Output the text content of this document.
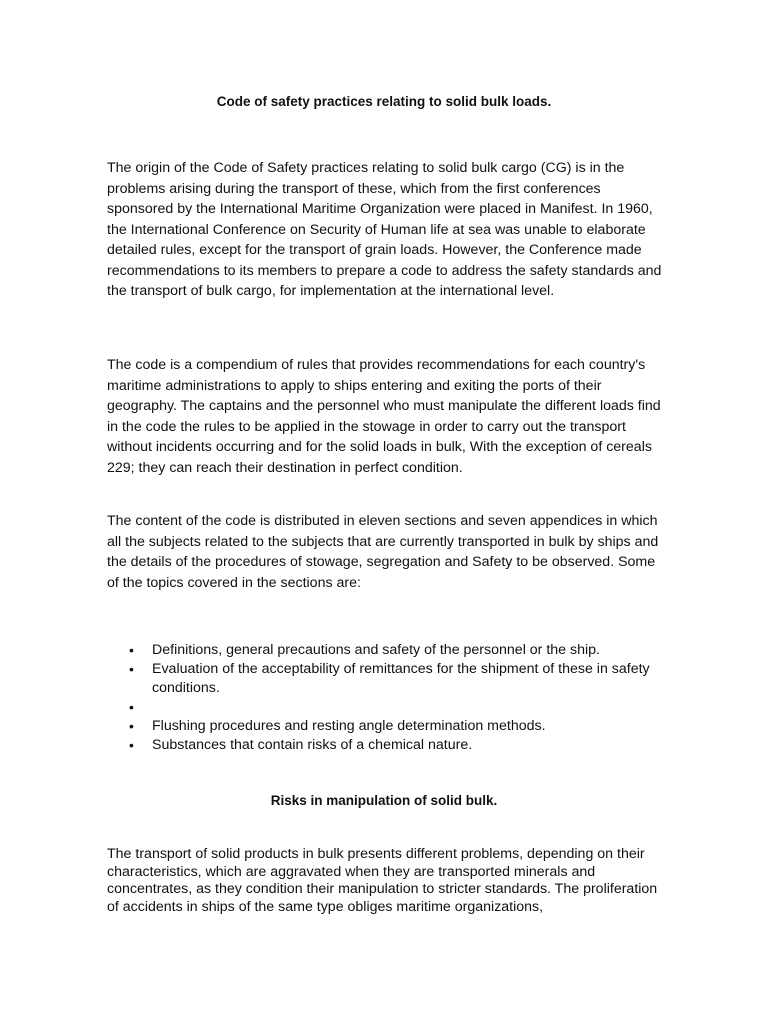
Code of safety practices relating to solid bulk loads.

The origin of the Code of Safety practices relating to solid bulk cargo (CG) is in the problems arising during the transport of these, which from the first conferences sponsored by the International Maritime Organization were placed in Manifest. In 1960, the International Conference on Security of Human life at sea was unable to elaborate detailed rules, except for the transport of grain loads. However, the Conference made recommendations to its members to prepare a code to address the safety standards and the transport of bulk cargo, for implementation at the international level.

The code is a compendium of rules that provides recommendations for each country's maritime administrations to apply to ships entering and exiting the ports of their geography. The captains and the personnel who must manipulate the different loads find in the code the rules to be applied in the stowage in order to carry out the transport without incidents occurring and for the solid loads in bulk, With the exception of cereals 229; they can reach their destination in perfect condition.

The content of the code is distributed in eleven sections and seven appendices in which all the subjects related to the subjects that are currently transported in bulk by ships and the details of the procedures of stowage, segregation and Safety to be observed. Some of the topics covered in the sections are:

• Definitions, general precautions and safety of the personnel or the ship.
• Evaluation of the acceptability of remittances for the shipment of these in safety conditions.
•
• Flushing procedures and resting angle determination methods.
• Substances that contain risks of a chemical nature.
Risks in manipulation of solid bulk.

The transport of solid products in bulk presents different problems, depending on their characteristics, which are aggravated when they are transported minerals and concentrates, as they condition their manipulation to stricter standards. The proliferation of accidents in ships of the same type obliges maritime organizations,
